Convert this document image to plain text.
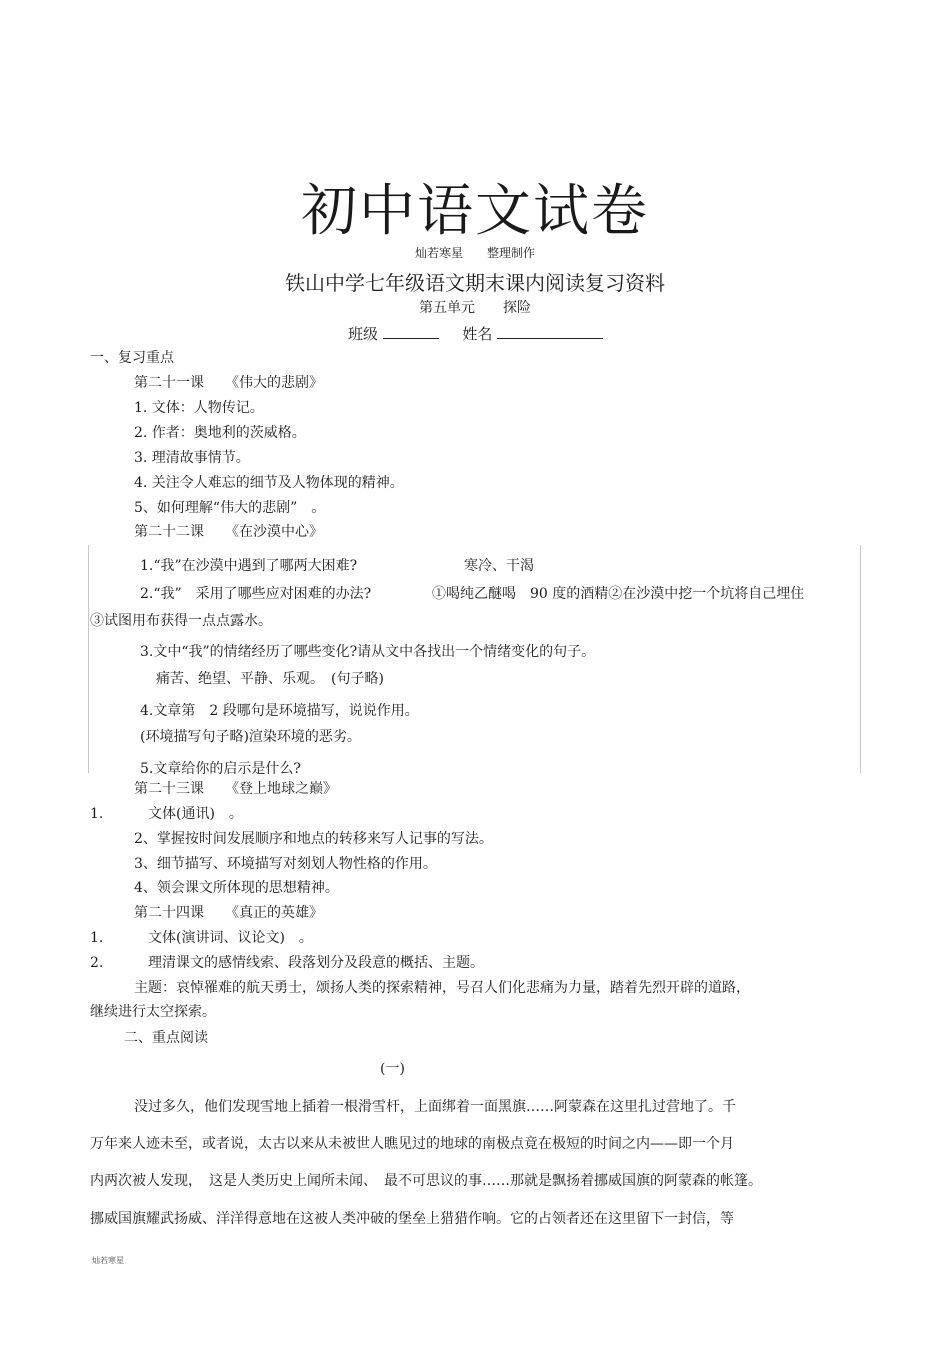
初中语文试卷
灿若寒星　　整理制作
铁山中学七年级语文期末课内阅读复习资料
第五单元　　探险
班级	姓名
一、复习重点
第二十一课　　《伟大的悲剧》
1. 文体：人物传记。
2. 作者：奥地利的茨威格。
3. 理清故事情节。
4. 关注令人难忘的细节及人物体现的精神。
5、如何理解“伟大的悲剧”　。
第二十二课　　《在沙漠中心》
1.“我”在沙漠中遇到了哪两大困难?	寒冷、干渴
2.“我”　采用了哪些应对困难的办法?	①喝纯乙醚喝　90 度的酒精②在沙漠中挖一个坑将自己埋住
③试图用布获得一点点露水。
3.文中“我”的情绪经历了哪些变化?请从文中各找出一个情绪变化的句子。
痛苦、绝望、平静、乐观。　(句子略)
4.文章第　2 段哪句是环境描写，说说作用。
(环境描写句子略)渲染环境的恶劣。
5.文章给你的启示是什么?
第二十三课　　《登上地球之巅》
1.	文体(通讯)　。
2、掌握按时间发展顺序和地点的转移来写人记事的写法。
3、细节描写、环境描写对刻划人物性格的作用。
4、领会课文所体现的思想精神。
第二十四课　　《真正的英雄》
1.	文体(演讲词、议论文)　。
2.	理清课文的感情线索、段落划分及段意的概括、主题。
主题：哀悼罹难的航天勇士，颂扬人类的探索精神，号召人们化悲痛为力量，踏着先烈开辟的道路，
继续进行太空探索。
二、重点阅读
(一)
没过多久，他们发现雪地上插着一根滑雪杆，上面绑着一面黑旗……阿蒙森在这里扎过营地了。千
万年来人迹未至，或者说，太古以来从未被世人瞧见过的地球的南极点竟在极短的时间之内——即一个月
内两次被人发现，　这是人类历史上闻所未闻、　最不可思议的事……那就是飘扬着挪威国旗的阿蒙森的帐篷。
挪威国旗耀武扬威、洋洋得意地在这被人类冲破的堡垒上猎猎作响。它的占领者还在这里留下一封信，等
灿若寒星
